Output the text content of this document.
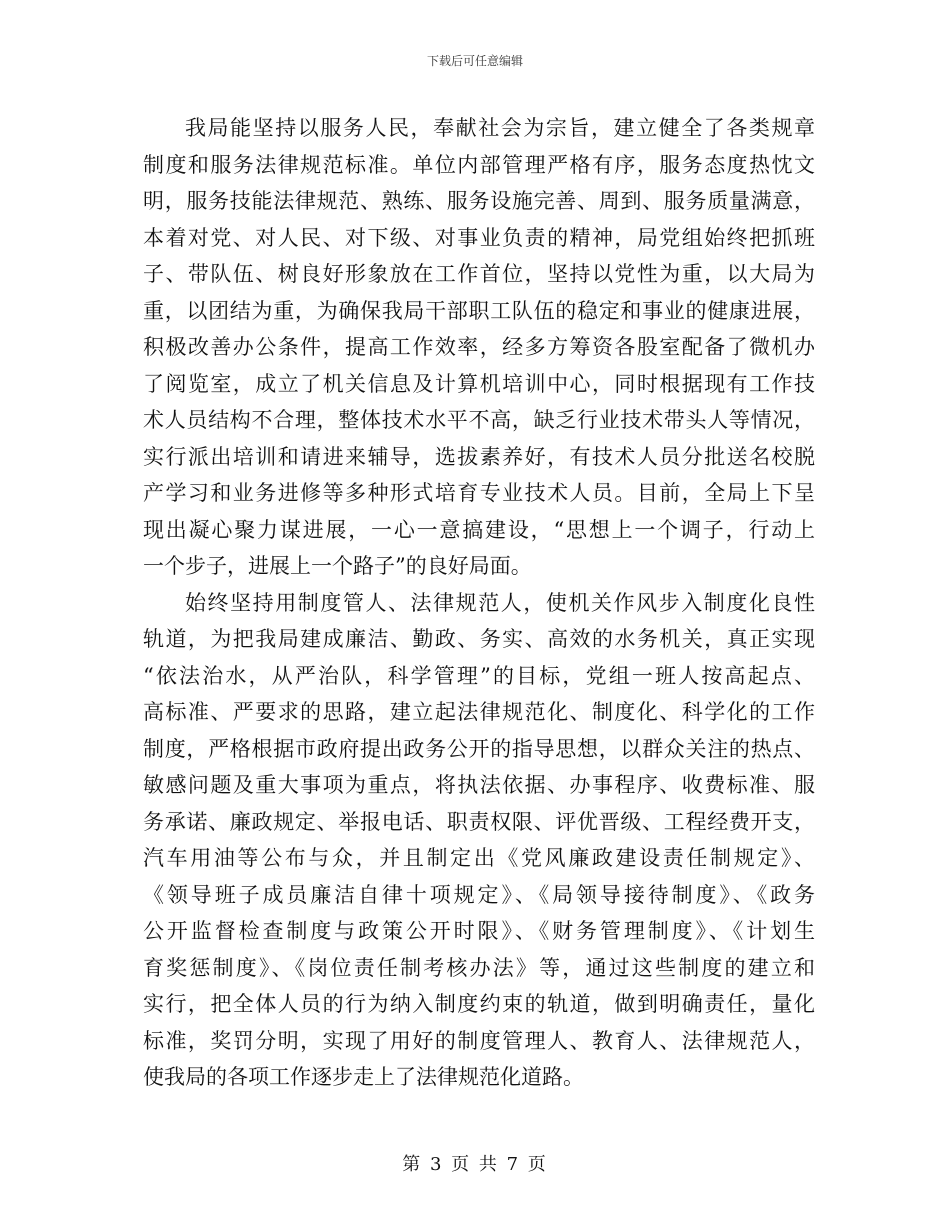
下载后可任意编辑
我局能坚持以服务人民，奉献社会为宗旨，建立健全了各类规章
制度和服务法律规范标准。单位内部管理严格有序，服务态度热忱文
明，服务技能法律规范、熟练、服务设施完善、周到、服务质量满意，
本着对党、对人民、对下级、对事业负责的精神，局党组始终把抓班
子、带队伍、树良好形象放在工作首位，坚持以党性为重，以大局为
重，以团结为重，为确保我局干部职工队伍的稳定和事业的健康进展，
积极改善办公条件，提高工作效率，经多方筹资各股室配备了微机办
了阅览室，成立了机关信息及计算机培训中心，同时根据现有工作技
术人员结构不合理，整体技术水平不高，缺乏行业技术带头人等情况，
实行派出培训和请进来辅导，选拔素养好，有技术人员分批送名校脱
产学习和业务进修等多种形式培育专业技术人员。目前，全局上下呈
现出凝心聚力谋进展，一心一意搞建设，“思想上一个调子，行动上
一个步子，进展上一个路子”的良好局面。
始终坚持用制度管人、法律规范人，使机关作风步入制度化良性
轨道，为把我局建成廉洁、勤政、务实、高效的水务机关，真正实现
“依法治水，从严治队，科学管理”的目标，党组一班人按高起点、
高标准、严要求的思路，建立起法律规范化、制度化、科学化的工作
制度，严格根据市政府提出政务公开的指导思想，以群众关注的热点、
敏感问题及重大事项为重点，将执法依据、办事程序、收费标准、服
务承诺、廉政规定、举报电话、职责权限、评优晋级、工程经费开支，
汽车用油等公布与众，并且制定出《党风廉政建设责任制规定》、
《领导班子成员廉洁自律十项规定》、《局领导接待制度》、《政务
公开监督检查制度与政策公开时限》、《财务管理制度》、《计划生
育奖惩制度》、《岗位责任制考核办法》等，通过这些制度的建立和
实行，把全体人员的行为纳入制度约束的轨道，做到明确责任，量化
标准，奖罚分明，实现了用好的制度管理人、教育人、法律规范人，
使我局的各项工作逐步走上了法律规范化道路。
第 3 页 共 7 页
